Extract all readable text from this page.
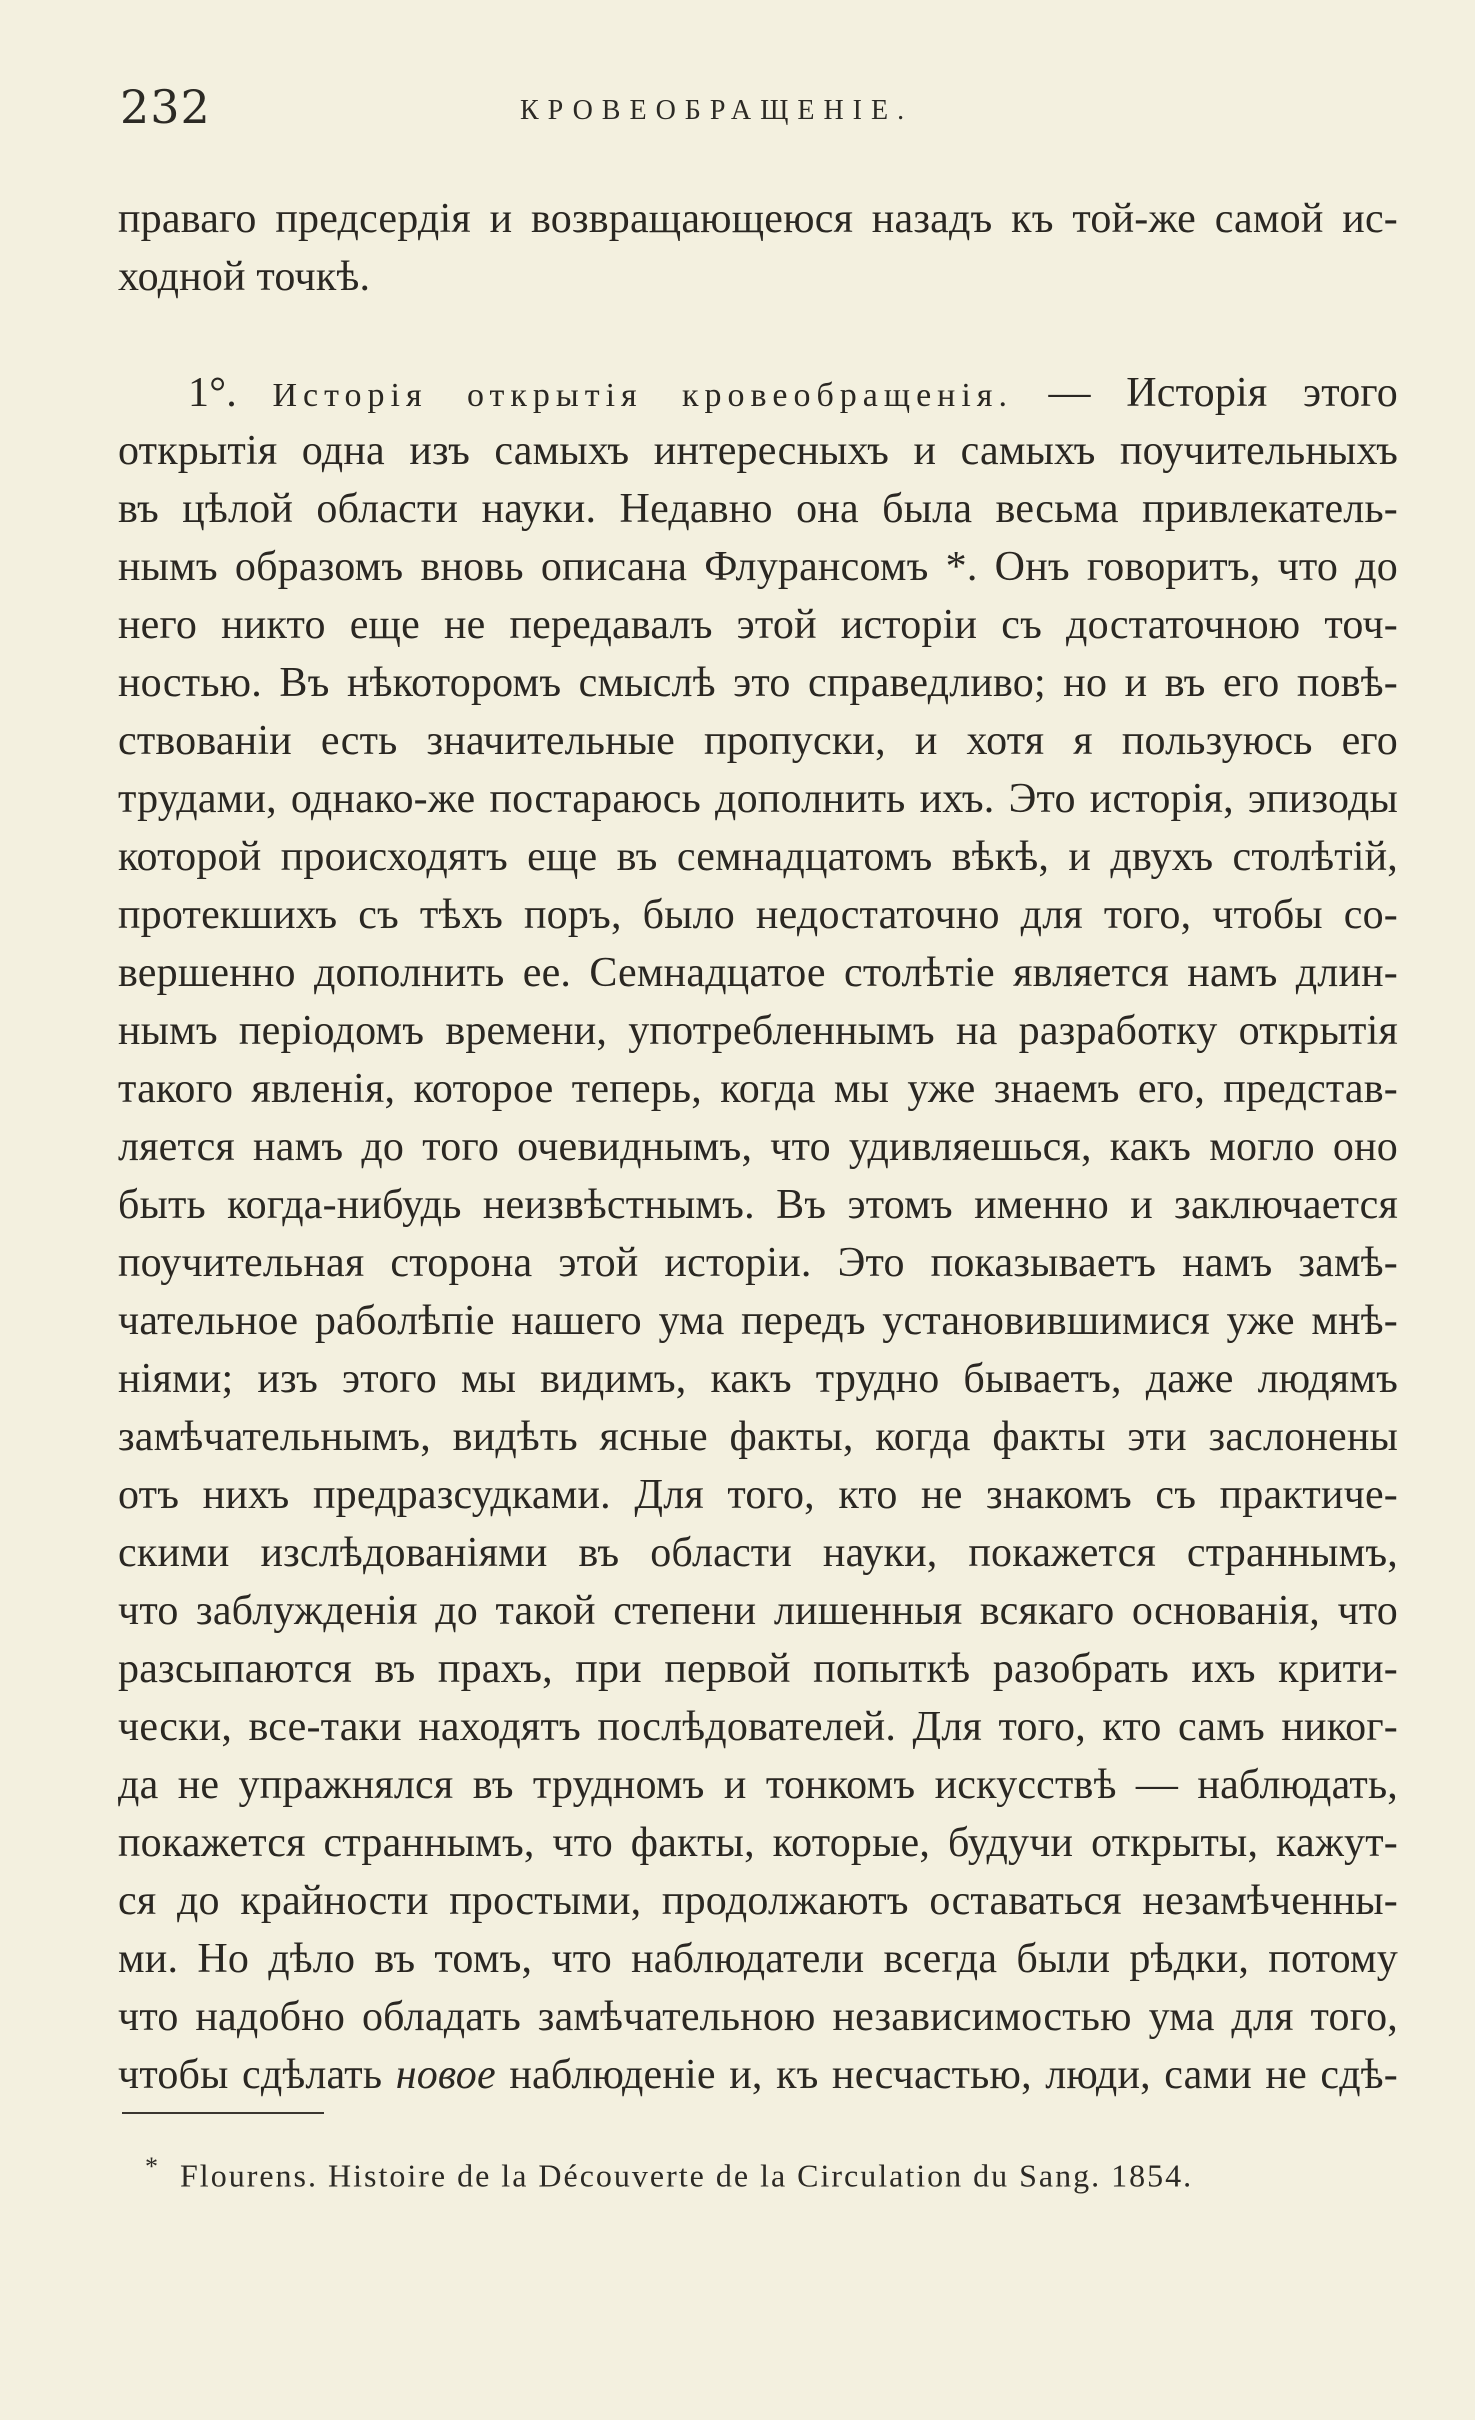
232	КРОВЕОБРАЩЕНІЕ.
праваго предсердія и возвращающеюся назадъ къ той-же самой ис-
ходной точкѣ.
1°. Исторія открытія кровеобращенія. — Исторія этого
открытія одна изъ самыхъ интересныхъ и самыхъ поучительныхъ
въ цѣлой области науки. Недавно она была весьма привлекатель-
нымъ образомъ вновь описана Флурансомъ *. Онъ говоритъ, что до
него никто еще не передавалъ этой исторіи съ достаточною точ-
ностью. Въ нѣкоторомъ смыслѣ это справедливо; но и въ его повѣ-
ствованіи есть значительные пропуски, и хотя я пользуюсь его
трудами, однако-же постараюсь дополнить ихъ. Это исторія, эпизоды
которой происходятъ еще въ семнадцатомъ вѣкѣ, и двухъ столѣтій,
протекшихъ съ тѣхъ поръ, было недостаточно для того, чтобы со-
вершенно дополнить ее. Семнадцатое столѣтіе является намъ длин-
нымъ періодомъ времени, употребленнымъ на разработку открытія
такого явленія, которое теперь, когда мы уже знаемъ его, представ-
ляется намъ до того очевиднымъ, что удивляешься, какъ могло оно
быть когда-нибудь неизвѣстнымъ. Въ этомъ именно и заключается
поучительная сторона этой исторіи. Это показываетъ намъ замѣ-
чательное раболѣпіе нашего ума передъ установившимися уже мнѣ-
ніями; изъ этого мы видимъ, какъ трудно бываетъ, даже людямъ
замѣчательнымъ, видѣть ясные факты, когда факты эти заслонены
отъ нихъ предразсудками. Для того, кто не знакомъ съ практиче-
скими изслѣдованіями въ области науки, покажется страннымъ,
что заблужденія до такой степени лишенныя всякаго основанія, что
разсыпаются въ прахъ, при первой попыткѣ разобрать ихъ крити-
чески, все-таки находятъ послѣдователей. Для того, кто самъ никог-
да не упражнялся въ трудномъ и тонкомъ искусствѣ — наблюдать,
покажется страннымъ, что факты, которые, будучи открыты, кажут-
ся до крайности простыми, продолжаютъ оставаться незамѣченны-
ми. Но дѣло въ томъ, что наблюдатели всегда были рѣдки, потому
что надобно обладать замѣчательною независимостью ума для того,
чтобы сдѣлать новое наблюденіе и, къ несчастью, люди, сами не сдѣ-
* Flourens. Histoire de la Découverte de la Circulation du Sang. 1854.
